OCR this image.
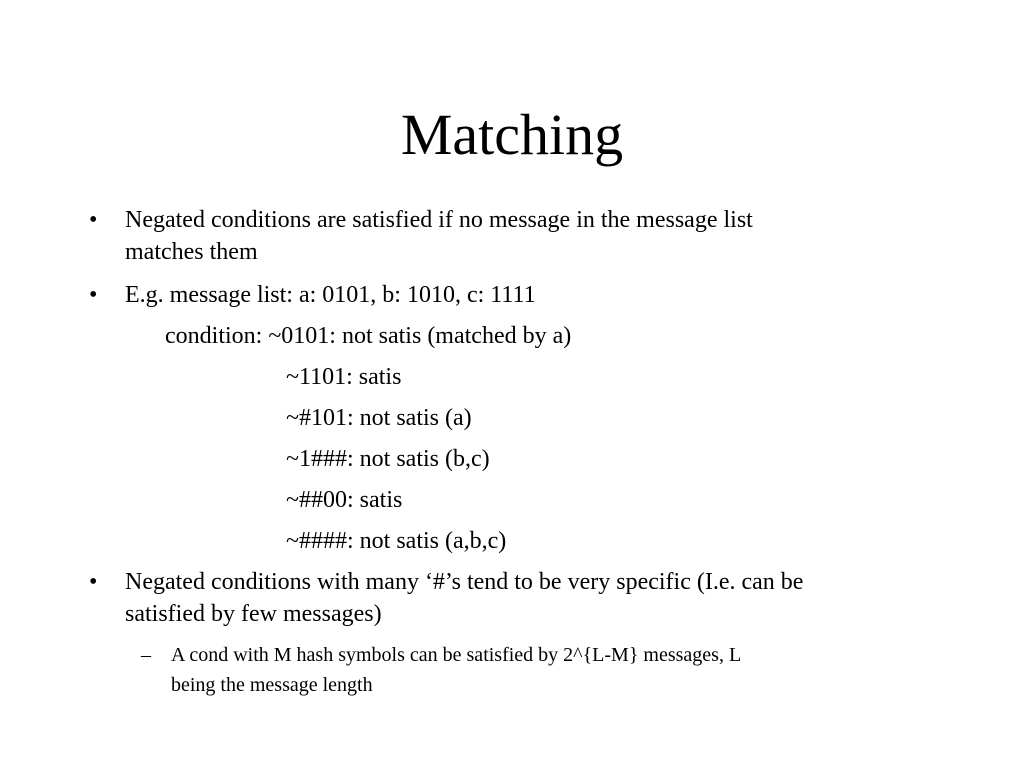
Matching
• Negated conditions are satisfied if no message in the message list
matches them
• E.g. message list: a: 0101, b: 1010, c: 1111
condition: ~0101: not satis (matched by a)
~1101: satis
~#101: not satis (a)
~1###: not satis (b,c)
~##00: satis
~####: not satis (a,b,c)
• Negated conditions with many ‘#’s tend to be very specific (I.e. can be
satisfied by few messages)
– A cond with M hash symbols can be satisfied by 2^{L-M} messages, L
being the message length
